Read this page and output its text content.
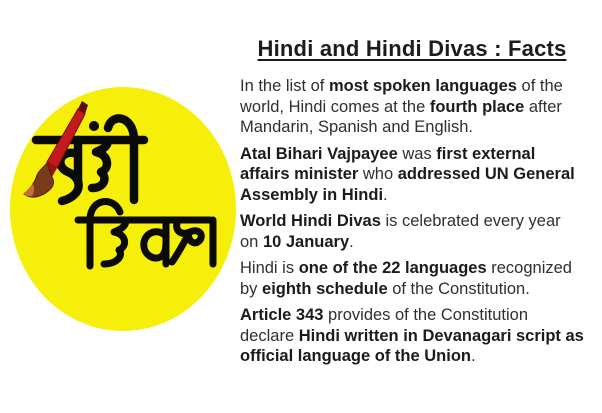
Hindi and Hindi Divas : Facts

In the list of most spoken languages of the
world, Hindi comes at the fourth place after
Mandarin, Spanish and English.

Atal Bihari Vajpayee was first external
affairs minister who addressed UN General
Assembly in Hindi.

World Hindi Divas is celebrated every year
on 10 January.

Hindi is one of the 22 languages recognized
by eighth schedule of the Constitution.

Article 343 provides of the Constitution
declare Hindi written in Devanagari script as
official language of the Union.
